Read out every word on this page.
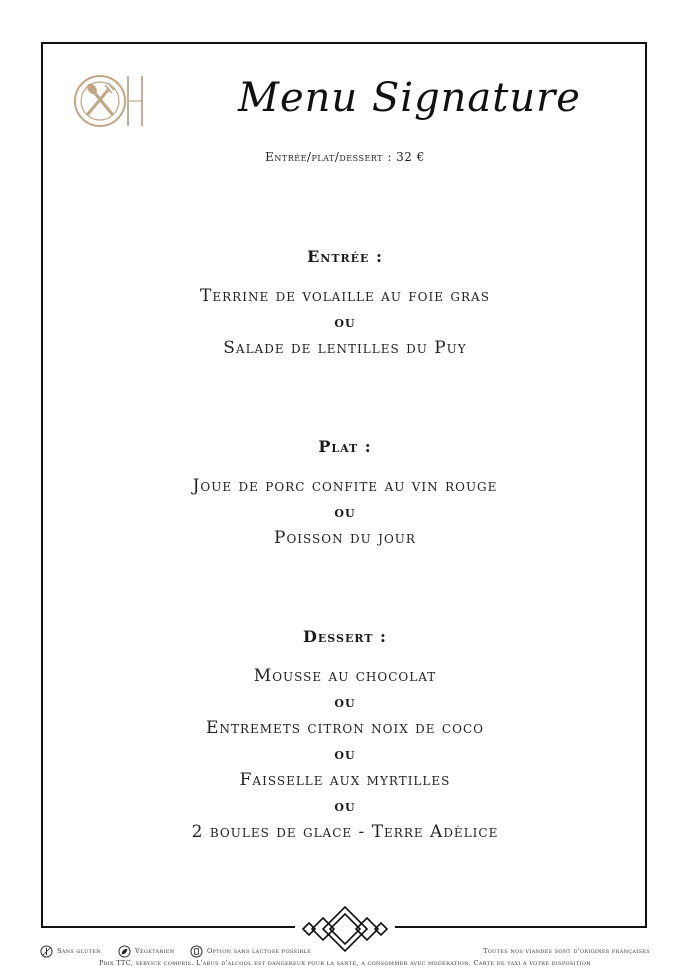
Menu Signature
Entrée/plat/dessert : 32 €
Entrée :
Terrine de volaille au foie gras
ou
Salade de lentilles du Puy
Plat :
Joue de porc confite au vin rouge
ou
Poisson du jour
Dessert :
Mousse au chocolat
ou
Entremets citron noix de coco
ou
Faisselle aux myrtilles
ou
2 boules de glace - Terre Adèlice
Sans gluten	Végétarien	Option sans lactose possible	Toutes nos viandes sont d'origines françaises
Prix TTC, service compris. L'abus d'alcool est dangereux pour la santé, à consommer avec modération. Carte de taxi à votre disposition
